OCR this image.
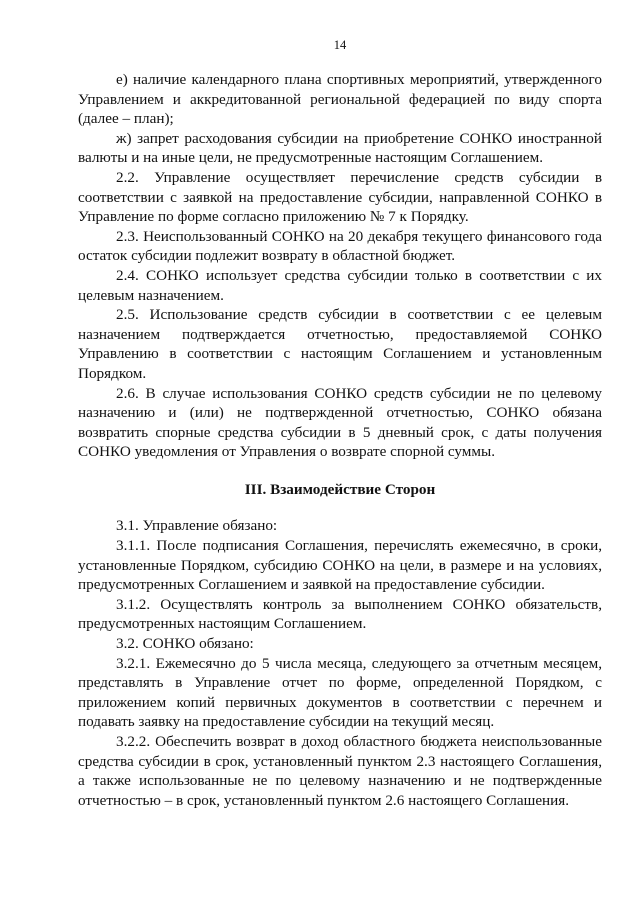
14

е) наличие календарного плана спортивных мероприятий, утвержденного Управлением и аккредитованной региональной федерацией по виду спорта (далее – план);

ж) запрет расходования субсидии на приобретение СОНКО иностранной валюты и на иные цели, не предусмотренные настоящим Соглашением.

2.2. Управление осуществляет перечисление средств субсидии в соответствии с заявкой на предоставление субсидии, направленной СОНКО в Управление по форме согласно приложению № 7 к Порядку.

2.3. Неиспользованный СОНКО на 20 декабря текущего финансового года остаток субсидии подлежит возврату в областной бюджет.

2.4. СОНКО использует средства субсидии только в соответствии с их целевым назначением.

2.5. Использование средств субсидии в соответствии с ее целевым назначением подтверждается отчетностью, предоставляемой СОНКО Управлению в соответствии с настоящим Соглашением и установленным Порядком.

2.6. В случае использования СОНКО средств субсидии не по целевому назначению и (или) не подтвержденной отчетностью, СОНКО обязана возвратить спорные средства субсидии в 5 дневный срок, с даты получения СОНКО уведомления от Управления о возврате спорной суммы.

III. Взаимодействие Сторон

3.1. Управление обязано:

3.1.1. После подписания Соглашения, перечислять ежемесячно, в сроки, установленные Порядком, субсидию СОНКО на цели, в размере и на условиях, предусмотренных Соглашением и заявкой на предоставление субсидии.

3.1.2. Осуществлять контроль за выполнением СОНКО обязательств, предусмотренных настоящим Соглашением.

3.2. СОНКО обязано:

3.2.1. Ежемесячно до 5 числа месяца, следующего за отчетным месяцем, представлять в Управление отчет по форме, определенной Порядком, с приложением копий первичных документов в соответствии с перечнем и подавать заявку на предоставление субсидии на текущий месяц.

3.2.2. Обеспечить возврат в доход областного бюджета неиспользованные средства субсидии в срок, установленный пунктом 2.3 настоящего Соглашения, а также использованные не по целевому назначению и не подтвержденные отчетностью – в срок, установленный пунктом 2.6 настоящего Соглашения.
